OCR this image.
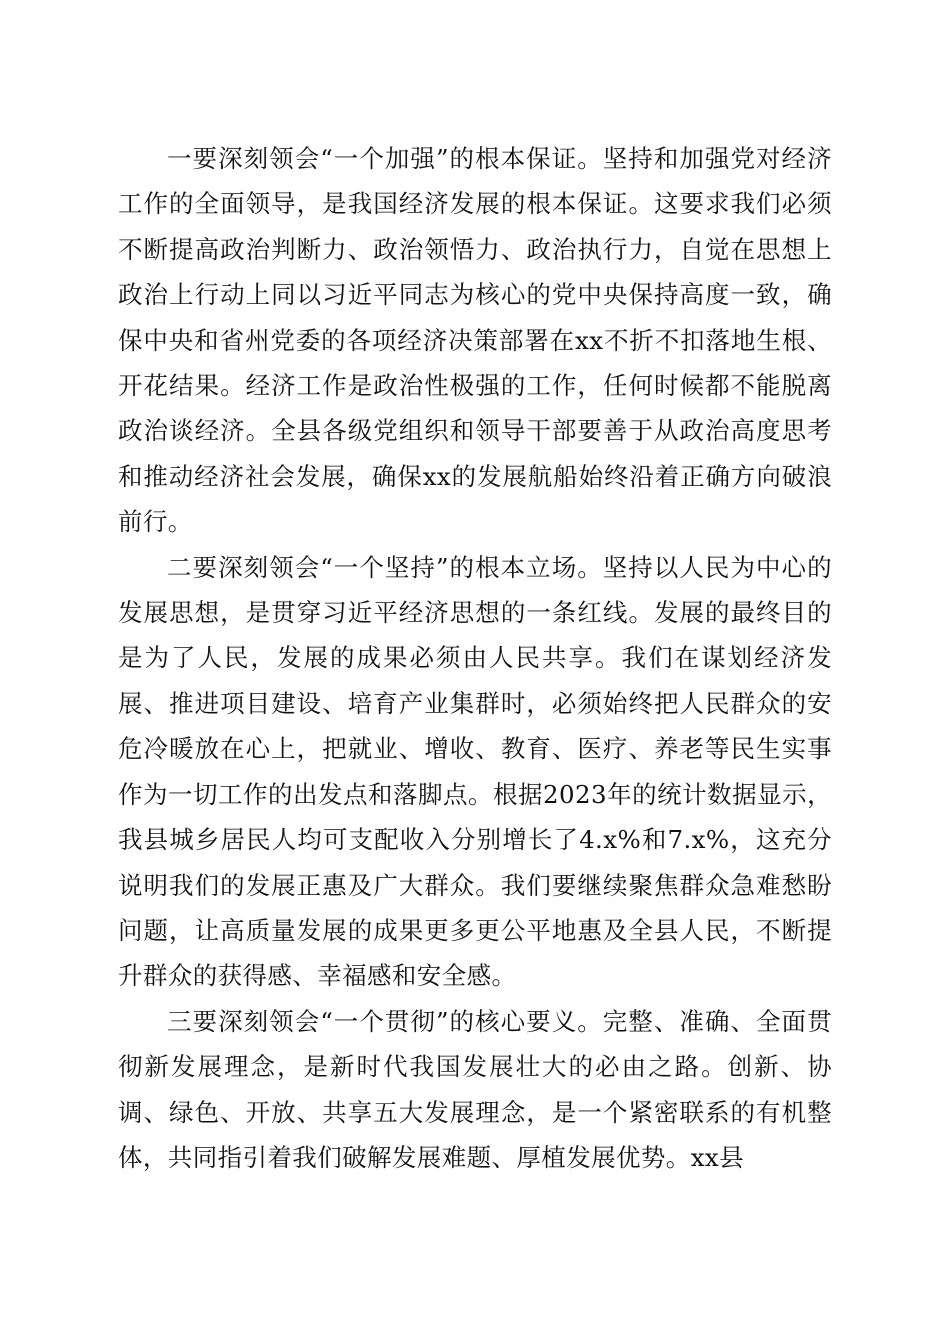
一要深刻领会“一个加强”的根本保证。坚持和加强党对经济工作的全面领导，是我国经济发展的根本保证。这要求我们必须不断提高政治判断力、政治领悟力、政治执行力，自觉在思想上政治上行动上同以习近平同志为核心的党中央保持高度一致，确保中央和省州党委的各项经济决策部署在xx不折不扣落地生根、开花结果。经济工作是政治性极强的工作，任何时候都不能脱离政治谈经济。全县各级党组织和领导干部要善于从政治高度思考和推动经济社会发展，确保xx的发展航船始终沿着正确方向破浪前行。

二要深刻领会“一个坚持”的根本立场。坚持以人民为中心的发展思想，是贯穿习近平经济思想的一条红线。发展的最终目的是为了人民，发展的成果必须由人民共享。我们在谋划经济发展、推进项目建设、培育产业集群时，必须始终把人民群众的安危冷暖放在心上，把就业、增收、教育、医疗、养老等民生实事作为一切工作的出发点和落脚点。根据2023年的统计数据显示，我县城乡居民人均可支配收入分别增长了4.x%和7.x%，这充分说明我们的发展正惠及广大群众。我们要继续聚焦群众急难愁盼问题，让高质量发展的成果更多更公平地惠及全县人民，不断提升群众的获得感、幸福感和安全感。

三要深刻领会“一个贯彻”的核心要义。完整、准确、全面贯彻新发展理念，是新时代我国发展壮大的必由之路。创新、协调、绿色、开放、共享五大发展理念，是一个紧密联系的有机整体，共同指引着我们破解发展难题、厚植发展优势。xx县
